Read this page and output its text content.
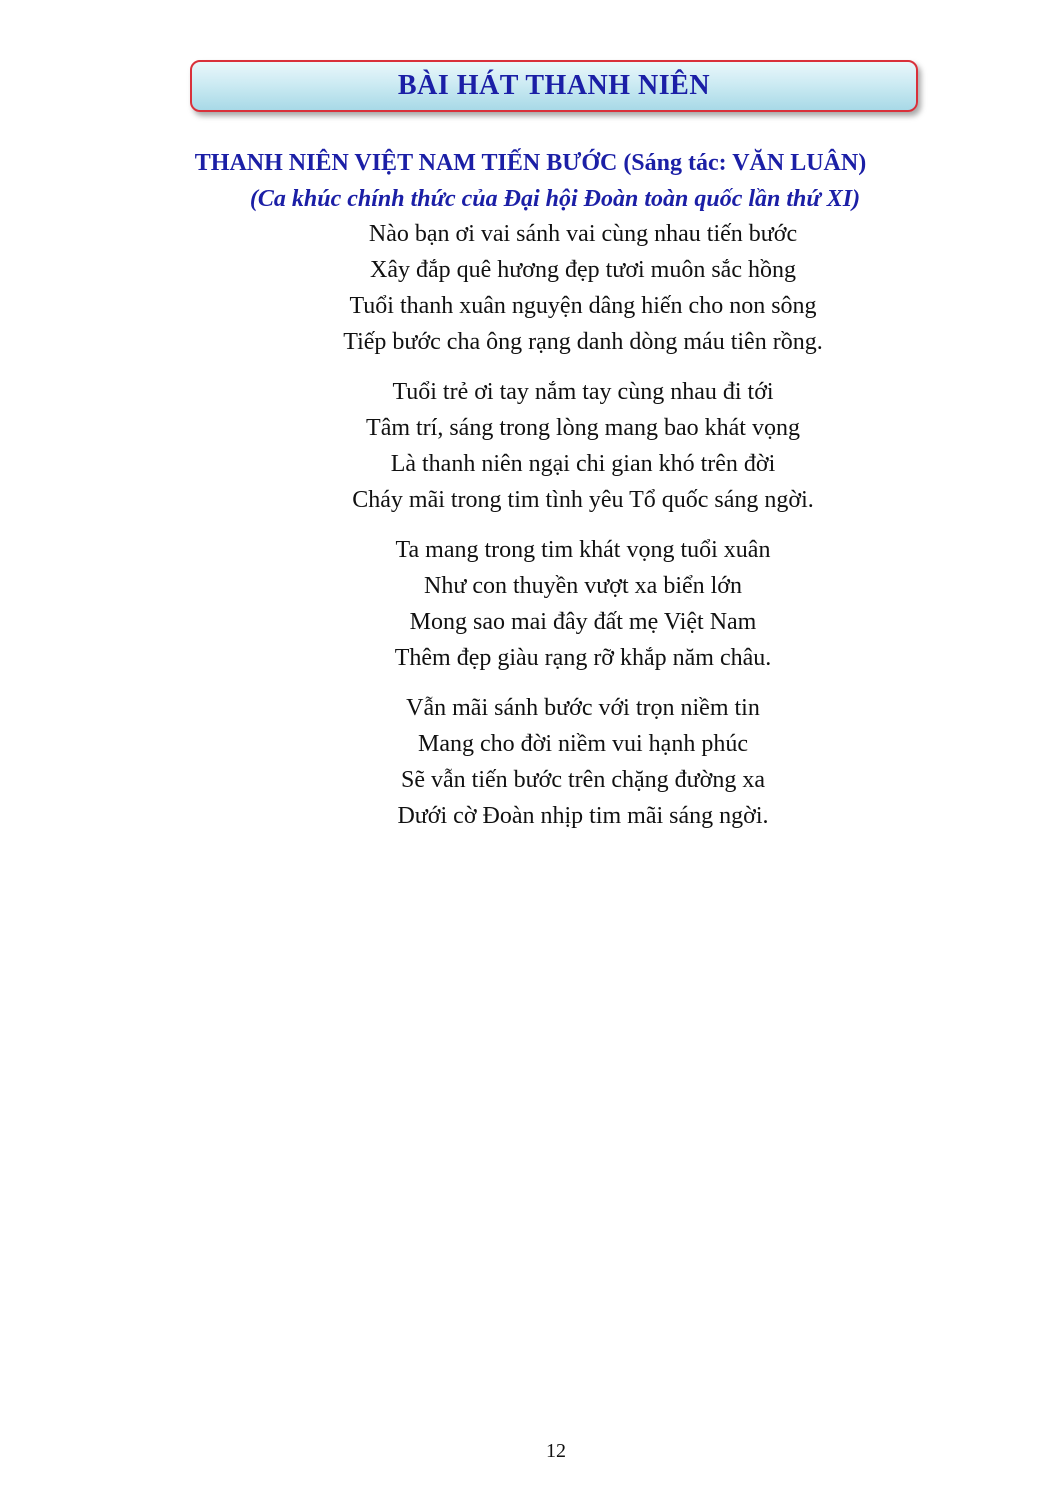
BÀI HÁT THANH NIÊN
THANH NIÊN VIỆT NAM TIẾN BƯỚC (Sáng tác: VĂN LUÂN)
(Ca khúc chính thức của Đại hội Đoàn toàn quốc lần thứ XI)
Nào bạn ơi vai sánh vai cùng nhau tiến bước
Xây đắp quê hương đẹp tươi muôn sắc hồng
Tuổi thanh xuân nguyện dâng hiến cho non sông
Tiếp bước cha ông rạng danh dòng máu tiên rồng.
Tuổi trẻ ơi tay nắm tay cùng nhau đi tới
Tâm trí, sáng trong lòng mang bao khát vọng
Là thanh niên ngại chi gian khó trên đời
Cháy mãi trong tim tình yêu Tổ quốc sáng ngời.
Ta mang trong tim khát vọng tuổi xuân
Như con thuyền vượt xa biển lớn
Mong sao mai đây đất mẹ Việt Nam
Thêm đẹp giàu rạng rỡ khắp năm châu.
Vẫn mãi sánh bước với trọn niềm tin
Mang cho đời niềm vui hạnh phúc
Sẽ vẫn tiến bước trên chặng đường xa
Dưới cờ Đoàn nhịp tim mãi sáng ngời.
12
